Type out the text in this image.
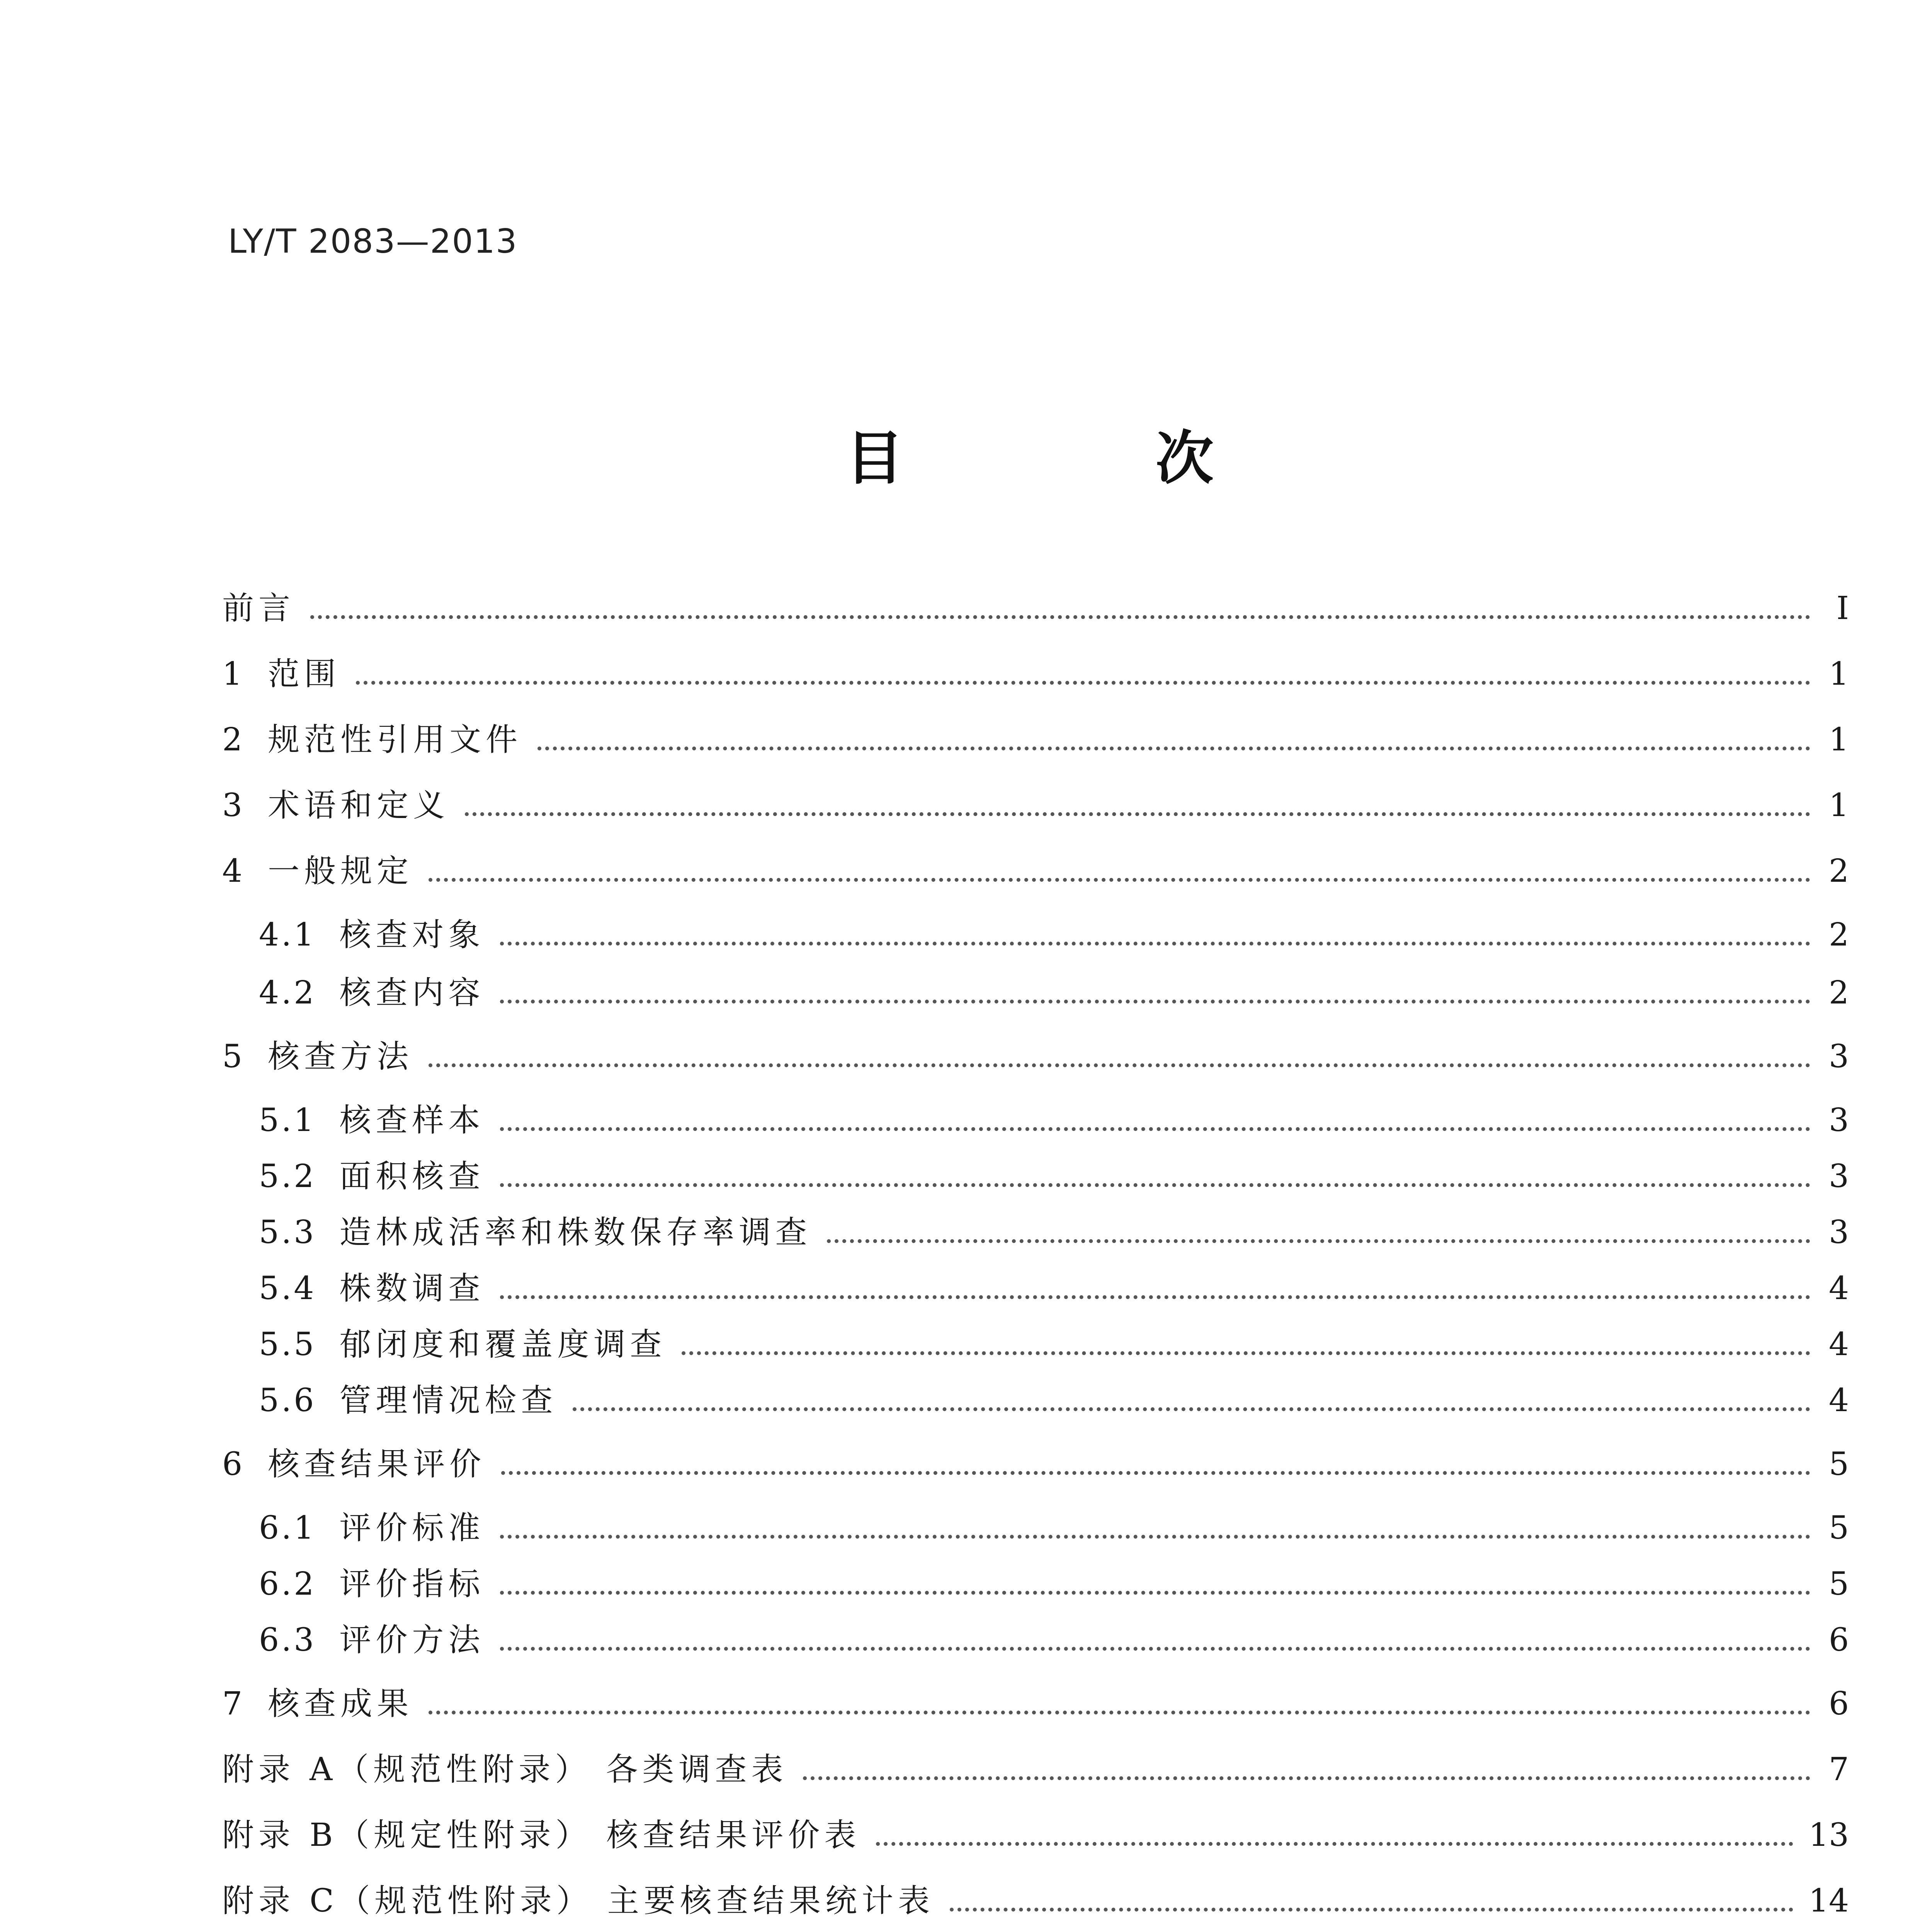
LY/T 2083—2013
目 次
前言	Ⅰ
1 范围	1
2 规范性引用文件	1
3 术语和定义	1
4 一般规定	2
4.1 核查对象	2
4.2 核查内容	2
5 核查方法	3
5.1 核查样本	3
5.2 面积核查	3
5.3 造林成活率和株数保存率调查	3
5.4 株数调查	4
5.5 郁闭度和覆盖度调查	4
5.6 管理情况检查	4
6 核查结果评价	5
6.1 评价标准	5
6.2 评价指标	5
6.3 评价方法	6
7 核查成果	6
附录 A（规范性附录） 各类调查表	7
附录 B（规定性附录） 核查结果评价表	13
附录 C（规范性附录） 主要核查结果统计表	14
